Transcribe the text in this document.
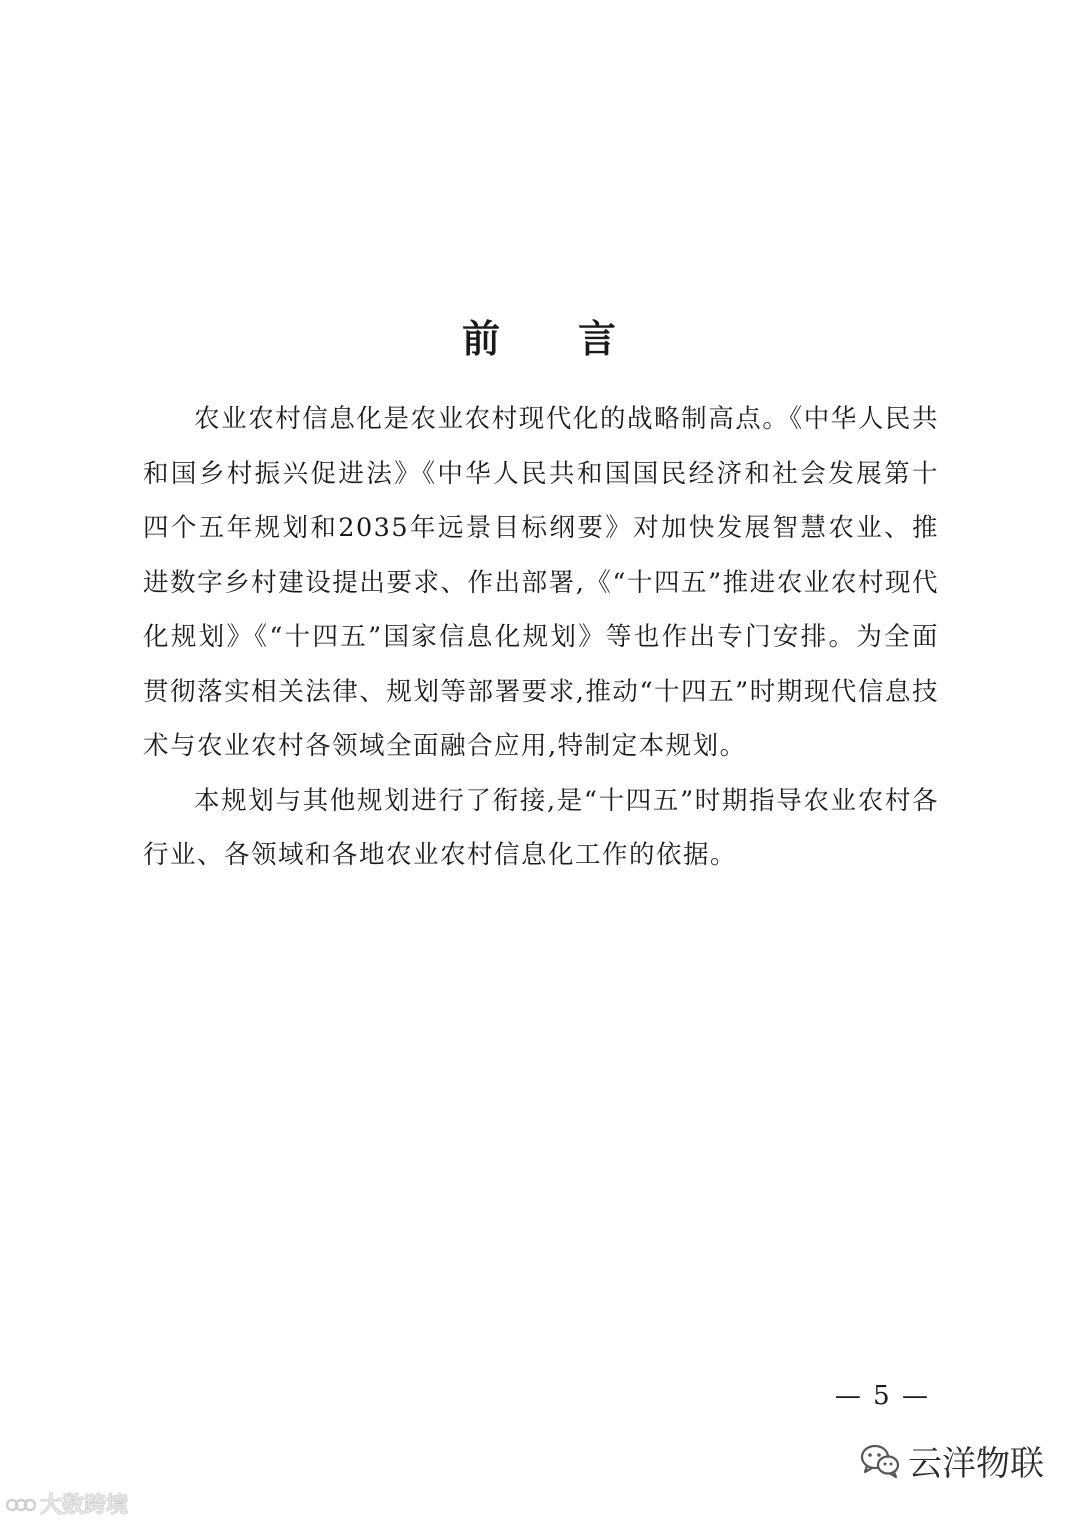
前 言

农业农村信息化是农业农村现代化的战略制高点。《中华人民共和国乡村振兴促进法》《中华人民共和国国民经济和社会发展第十四个五年规划和2035年远景目标纲要》对加快发展智慧农业、推进数字乡村建设提出要求、作出部署,《“十四五”推进农业农村现代化规划》《“十四五”国家信息化规划》等也作出专门安排。为全面贯彻落实相关法律、规划等部署要求,推动“十四五”时期现代信息技术与农业农村各领域全面融合应用,特制定本规划。

本规划与其他规划进行了衔接,是“十四五”时期指导农业农村各行业、各领域和各地农业农村信息化工作的依据。

— 5 —
大数跨境
云洋物联
